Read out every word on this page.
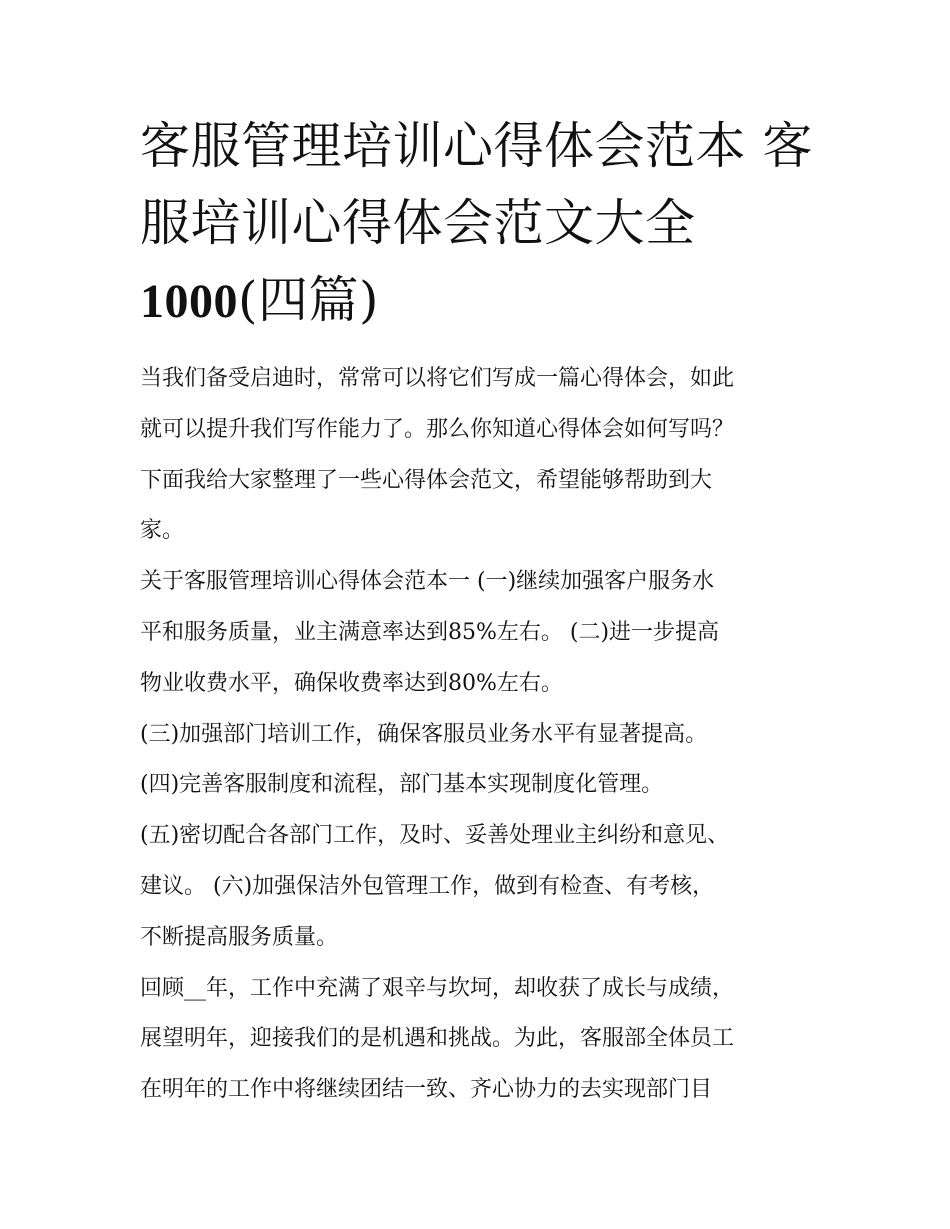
客服管理培训心得体会范本 客
服培训心得体会范文大全
1000(四篇)
当我们备受启迪时，常常可以将它们写成一篇心得体会，如此
就可以提升我们写作能力了。那么你知道心得体会如何写吗？
下面我给大家整理了一些心得体会范文，希望能够帮助到大
家。
关于客服管理培训心得体会范本一 (一)继续加强客户服务水
平和服务质量，业主满意率达到85%左右。 (二)进一步提高
物业收费水平，确保收费率达到80%左右。
(三)加强部门培训工作，确保客服员业务水平有显著提高。
(四)完善客服制度和流程，部门基本实现制度化管理。
(五)密切配合各部门工作，及时、妥善处理业主纠纷和意见、
建议。 (六)加强保洁外包管理工作，做到有检查、有考核，
不断提高服务质量。
回顾__年，工作中充满了艰辛与坎坷，却收获了成长与成绩，
展望明年，迎接我们的是机遇和挑战。为此，客服部全体员工
在明年的工作中将继续团结一致、齐心协力的去实现部门目
